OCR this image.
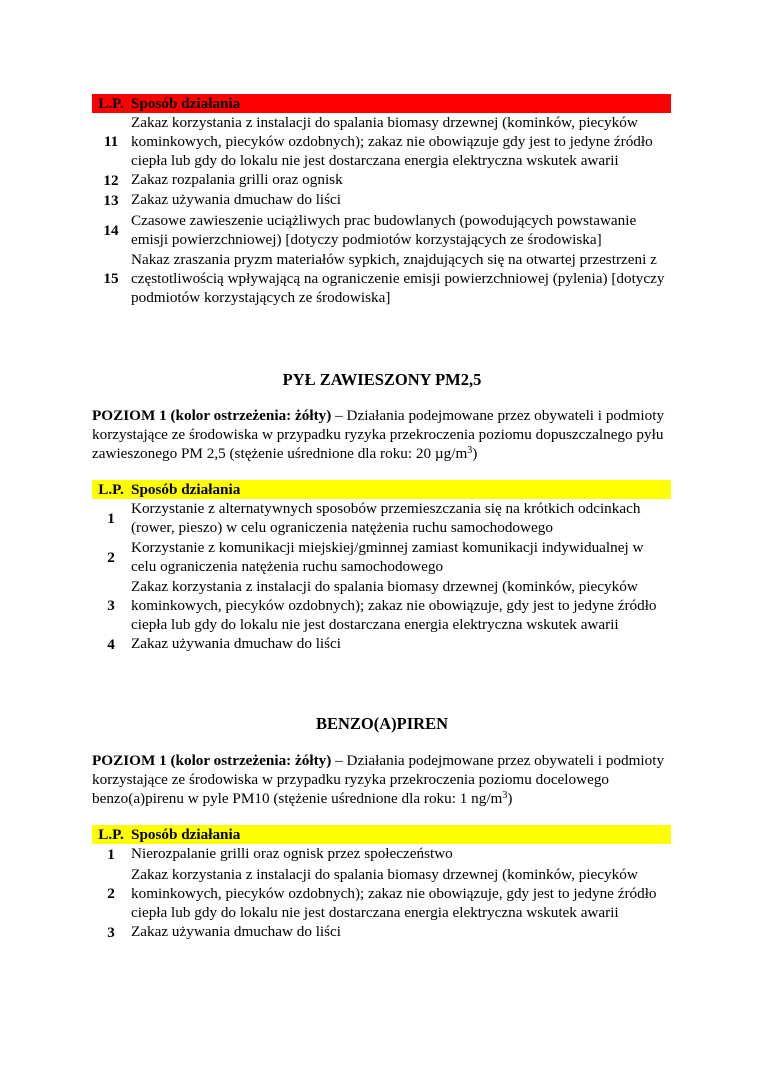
L.P. Sposób działania
11
Zakaz korzystania z instalacji do spalania biomasy drzewnej (kominków, piecyków kominkowych, piecyków ozdobnych); zakaz nie obowiązuje gdy jest to jedyne źródło ciepła lub gdy do lokalu nie jest dostarczana energia elektryczna wskutek awarii
12 Zakaz rozpalania grilli oraz ognisk
13 Zakaz używania dmuchaw do liści
14
Czasowe zawieszenie uciążliwych prac budowlanych (powodujących powstawanie emisji powierzchniowej) [dotyczy podmiotów korzystających ze środowiska]
15
Nakaz zraszania pryzm materiałów sypkich, znajdujących się na otwartej przestrzeni z częstotliwością wpływającą na ograniczenie emisji powierzchniowej (pylenia) [dotyczy podmiotów korzystających ze środowiska]
PYŁ ZAWIESZONY PM2,5
POZIOM 1 (kolor ostrzeżenia: żółty) – Działania podejmowane przez obywateli i podmioty korzystające ze środowiska w przypadku ryzyka przekroczenia poziomu dopuszczalnego pyłu zawieszonego PM 2,5 (stężenie uśrednione dla roku: 20 $\mu g/m^3$)
L.P. Sposób działania
1
Korzystanie z alternatywnych sposobów przemieszczania się na krótkich odcinkach (rower, pieszo) w celu ograniczenia natężenia ruchu samochodowego
2
Korzystanie z komunikacji miejskiej/gminnej zamiast komunikacji indywidualnej w celu ograniczenia natężenia ruchu samochodowego
3
Zakaz korzystania z instalacji do spalania biomasy drzewnej (kominków, piecyków kominkowych, piecyków ozdobnych); zakaz nie obowiązuje, gdy jest to jedyne źródło ciepła lub gdy do lokalu nie jest dostarczana energia elektryczna wskutek awarii
4	Zakaz używania dmuchaw do liści
BENZO(A)PIREN
POZIOM 1 (kolor ostrzeżenia: żółty) – Działania podejmowane przez obywateli i podmioty korzystające ze środowiska w przypadku ryzyka przekroczenia poziomu docelowego benzo(a)pirenu w pyle PM10 (stężenie uśrednione dla roku: 1 $ng/m^3$)
L.P. Sposób działania
1	Nierozpalanie grilli oraz ognisk przez społeczeństwo
2
Zakaz korzystania z instalacji do spalania biomasy drzewnej (kominków, piecyków kominkowych, piecyków ozdobnych); zakaz nie obowiązuje, gdy jest to jedyne źródło ciepła lub gdy do lokalu nie jest dostarczana energia elektryczna wskutek awarii
3	Zakaz używania dmuchaw do liści
